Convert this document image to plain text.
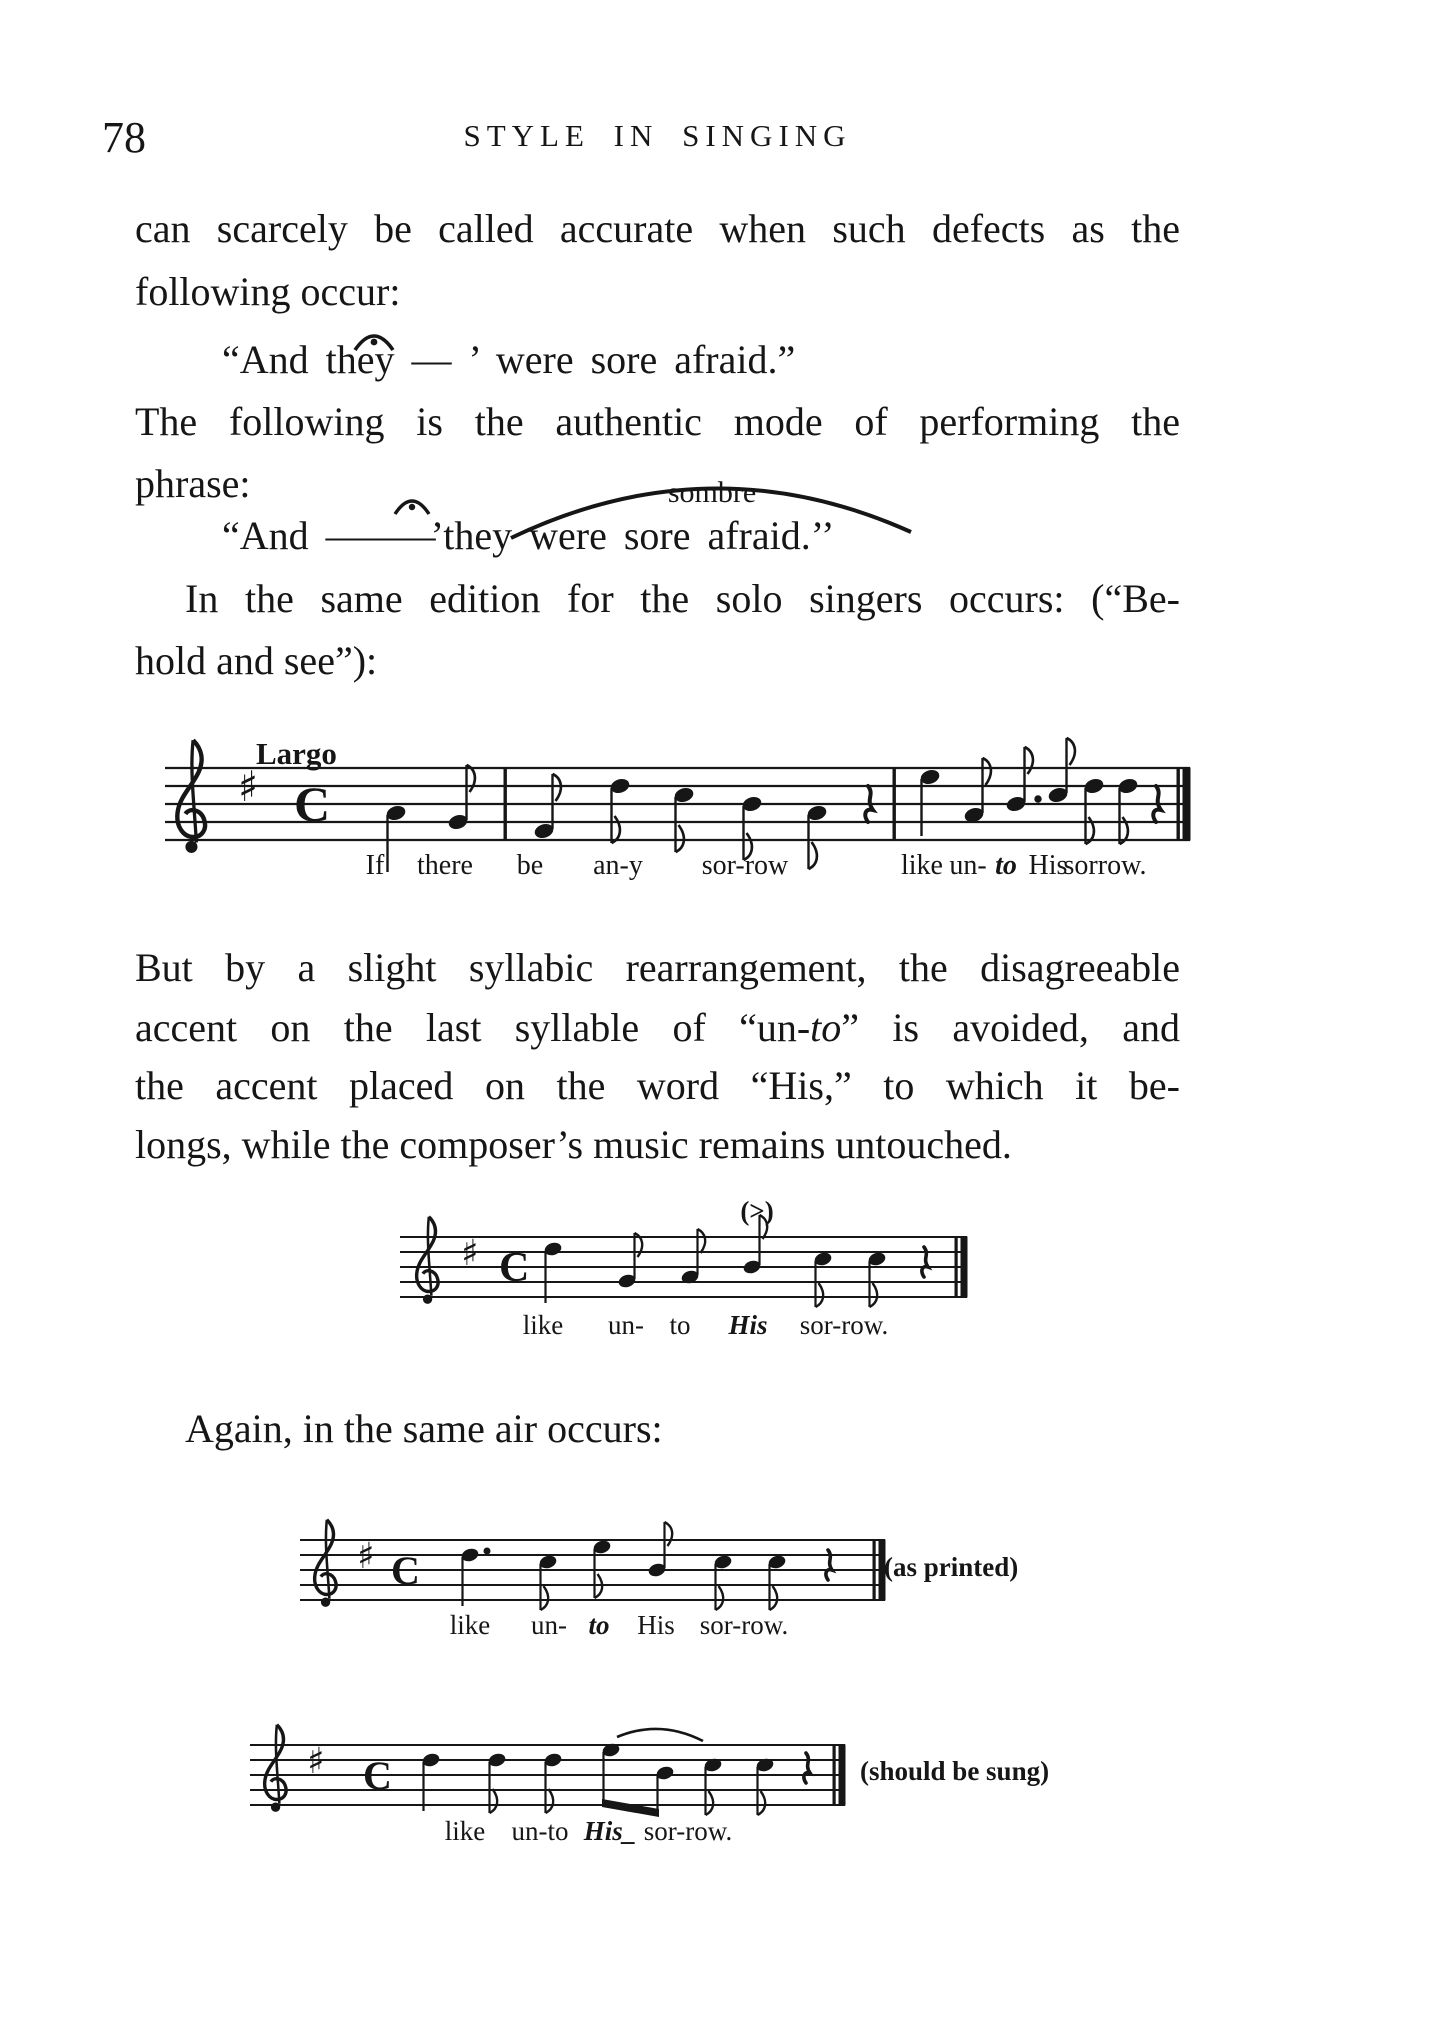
78	STYLE IN SINGING
can scarcely be called accurate when such defects as the
following occur:
“And they — ’ were sore afraid.”
The following is the authentic mode of performing the
phrase:	sombre
“And ———’they were sore afraid.’’
In the same edition for the solo singers occurs: (“Be-
hold and see”):
Largo
♯ C
If there be an-y sor-row	like un- to His
sorrow.
But by a slight syllabic rearrangement, the disagreeable
accent on the last syllable of “un-to” is avoided, and
the accent placed on the word “His,” to which it be-
longs, while the composer’s music remains untouched.
(>)
♯ C
like un- to His sor-row.
Again, in the same air occurs:
♯ C	(as printed)
like un- to His sor-row.
♯ C	(should be sung)
like un-to His_ sor-row.
